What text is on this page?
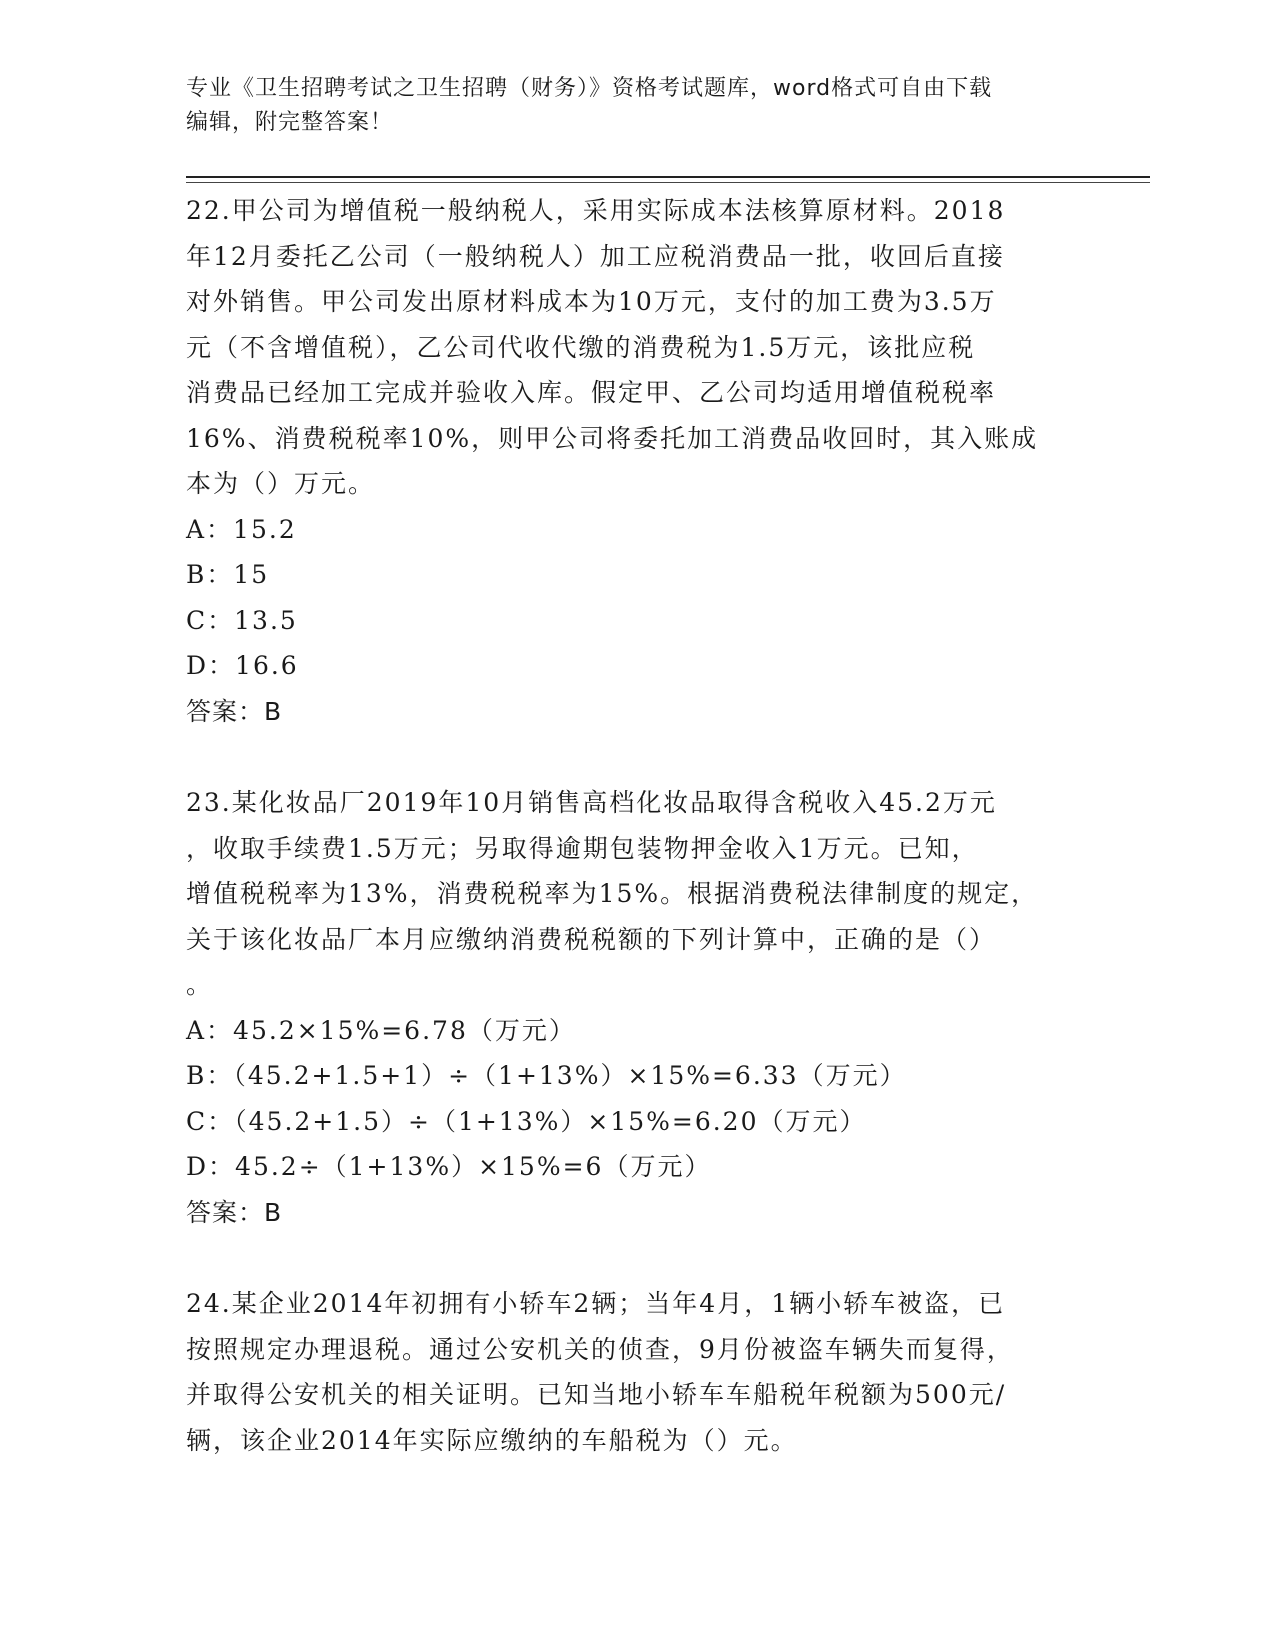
专业《卫生招聘考试之卫生招聘（财务）》资格考试题库，word格式可自由下载
编辑，附完整答案！
22.甲公司为增值税一般纳税人，采用实际成本法核算原材料。2018
年12月委托乙公司（一般纳税人）加工应税消费品一批，收回后直接
对外销售。甲公司发出原材料成本为10万元，支付的加工费为3.5万
元（不含增值税），乙公司代收代缴的消费税为1.5万元，该批应税
消费品已经加工完成并验收入库。假定甲、乙公司均适用增值税税率
16%、消费税税率10%，则甲公司将委托加工消费品收回时，其入账成
本为（）万元。
A：15.2
B：15
C：13.5
D：16.6
答案：B
23.某化妆品厂2019年10月销售高档化妆品取得含税收入45.2万元
，收取手续费1.5万元；另取得逾期包装物押金收入1万元。已知，
增值税税率为13%，消费税税率为15%。根据消费税法律制度的规定，
关于该化妆品厂本月应缴纳消费税税额的下列计算中，正确的是（）
。
A：45.2×15%=6.78（万元）
B：（45.2+1.5+1）÷（1+13%）×15%=6.33（万元）
C：（45.2+1.5）÷（1+13%）×15%=6.20（万元）
D：45.2÷（1+13%）×15%=6（万元）
答案：B
24.某企业2014年初拥有小轿车2辆；当年4月，1辆小轿车被盗，已
按照规定办理退税。通过公安机关的侦查，9月份被盗车辆失而复得，
并取得公安机关的相关证明。已知当地小轿车车船税年税额为500元/
辆，该企业2014年实际应缴纳的车船税为（）元。
